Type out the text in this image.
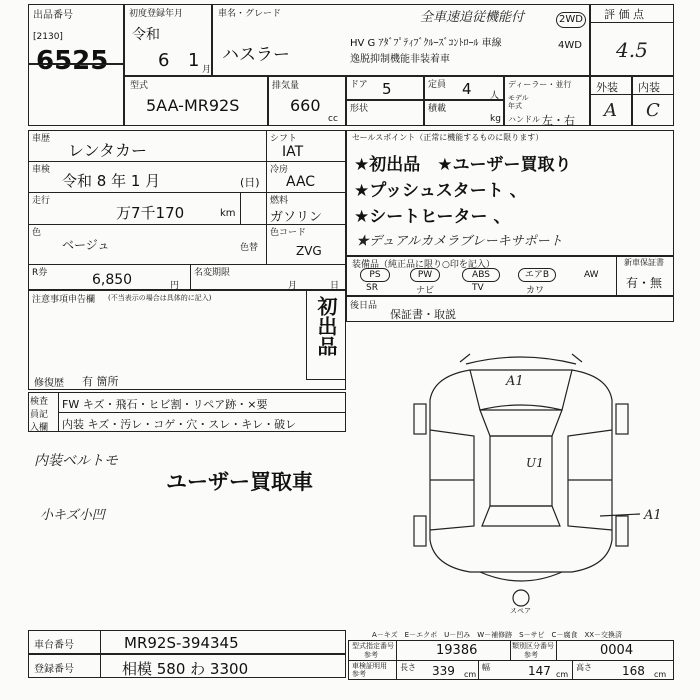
出品番号
[2130]
6525
初度登録年月
令和
6 1 月
車名・グレード	全車速追従機能付
ハスラー
HV G ｱﾀﾞﾌﾟﾃｨﾌﾞｸﾙｰｽﾞｺﾝﾄﾛｰﾙ 車線
逸脱抑制機能非装着車
2WD
4WD
評 価 点
4.5
外装 内装
A C
型式
5AA-MR92S
排気量
660
cc
ドア 5	定員 4 人
形状	積載
kg
ディーラー・並行
モデル年式
ハンドル 左・右
車歴
レンタカー
シフト
IAT
車検
令和 8 年 1 月	(日)
冷房
AAC
走行
万7千170	km
燃料
ガソリン
色
ベージュ	色替
色コード
ZVG
R券	6,850	円
名変期限
月	日
セールスポイント（正常に機能するものに限ります）
★初出品　★ユーザー買取り
★プッシュスタート 、
★シートヒーター 、
★デュアルカメラブレーキサポート
装備品（純正品に限り○印を記入）	新車保証書
有・無
PS	PW	ABS	エアB	AW
SR	ナビ	TV	カワ
注意事項申告欄 (不当表示の場合は具体的に記入)	初出品 後日品
保証書・取説
修復歴 有 箇所
検査員記入欄
FW キズ・飛石・ヒビ割・リペア跡・×要
内装 キズ・汚レ・コゲ・穴・スレ・キレ・破レ
内装ベルトモ
ユーザー買取車
小キズ小凹
A1
U1
A1
スペア
A－キズ　E－エクボ　U－凹み　W－補修跡　S－サビ　C－腐食　XX－交換済
車台番号	MR92S-394345
登録番号	相模 580 わ 3300
型式指定番号
参考	19386	類別区分番号
参考	0004
車検証明用参考
長さ 339 cm
幅	147 cm
高さ	168 cm
